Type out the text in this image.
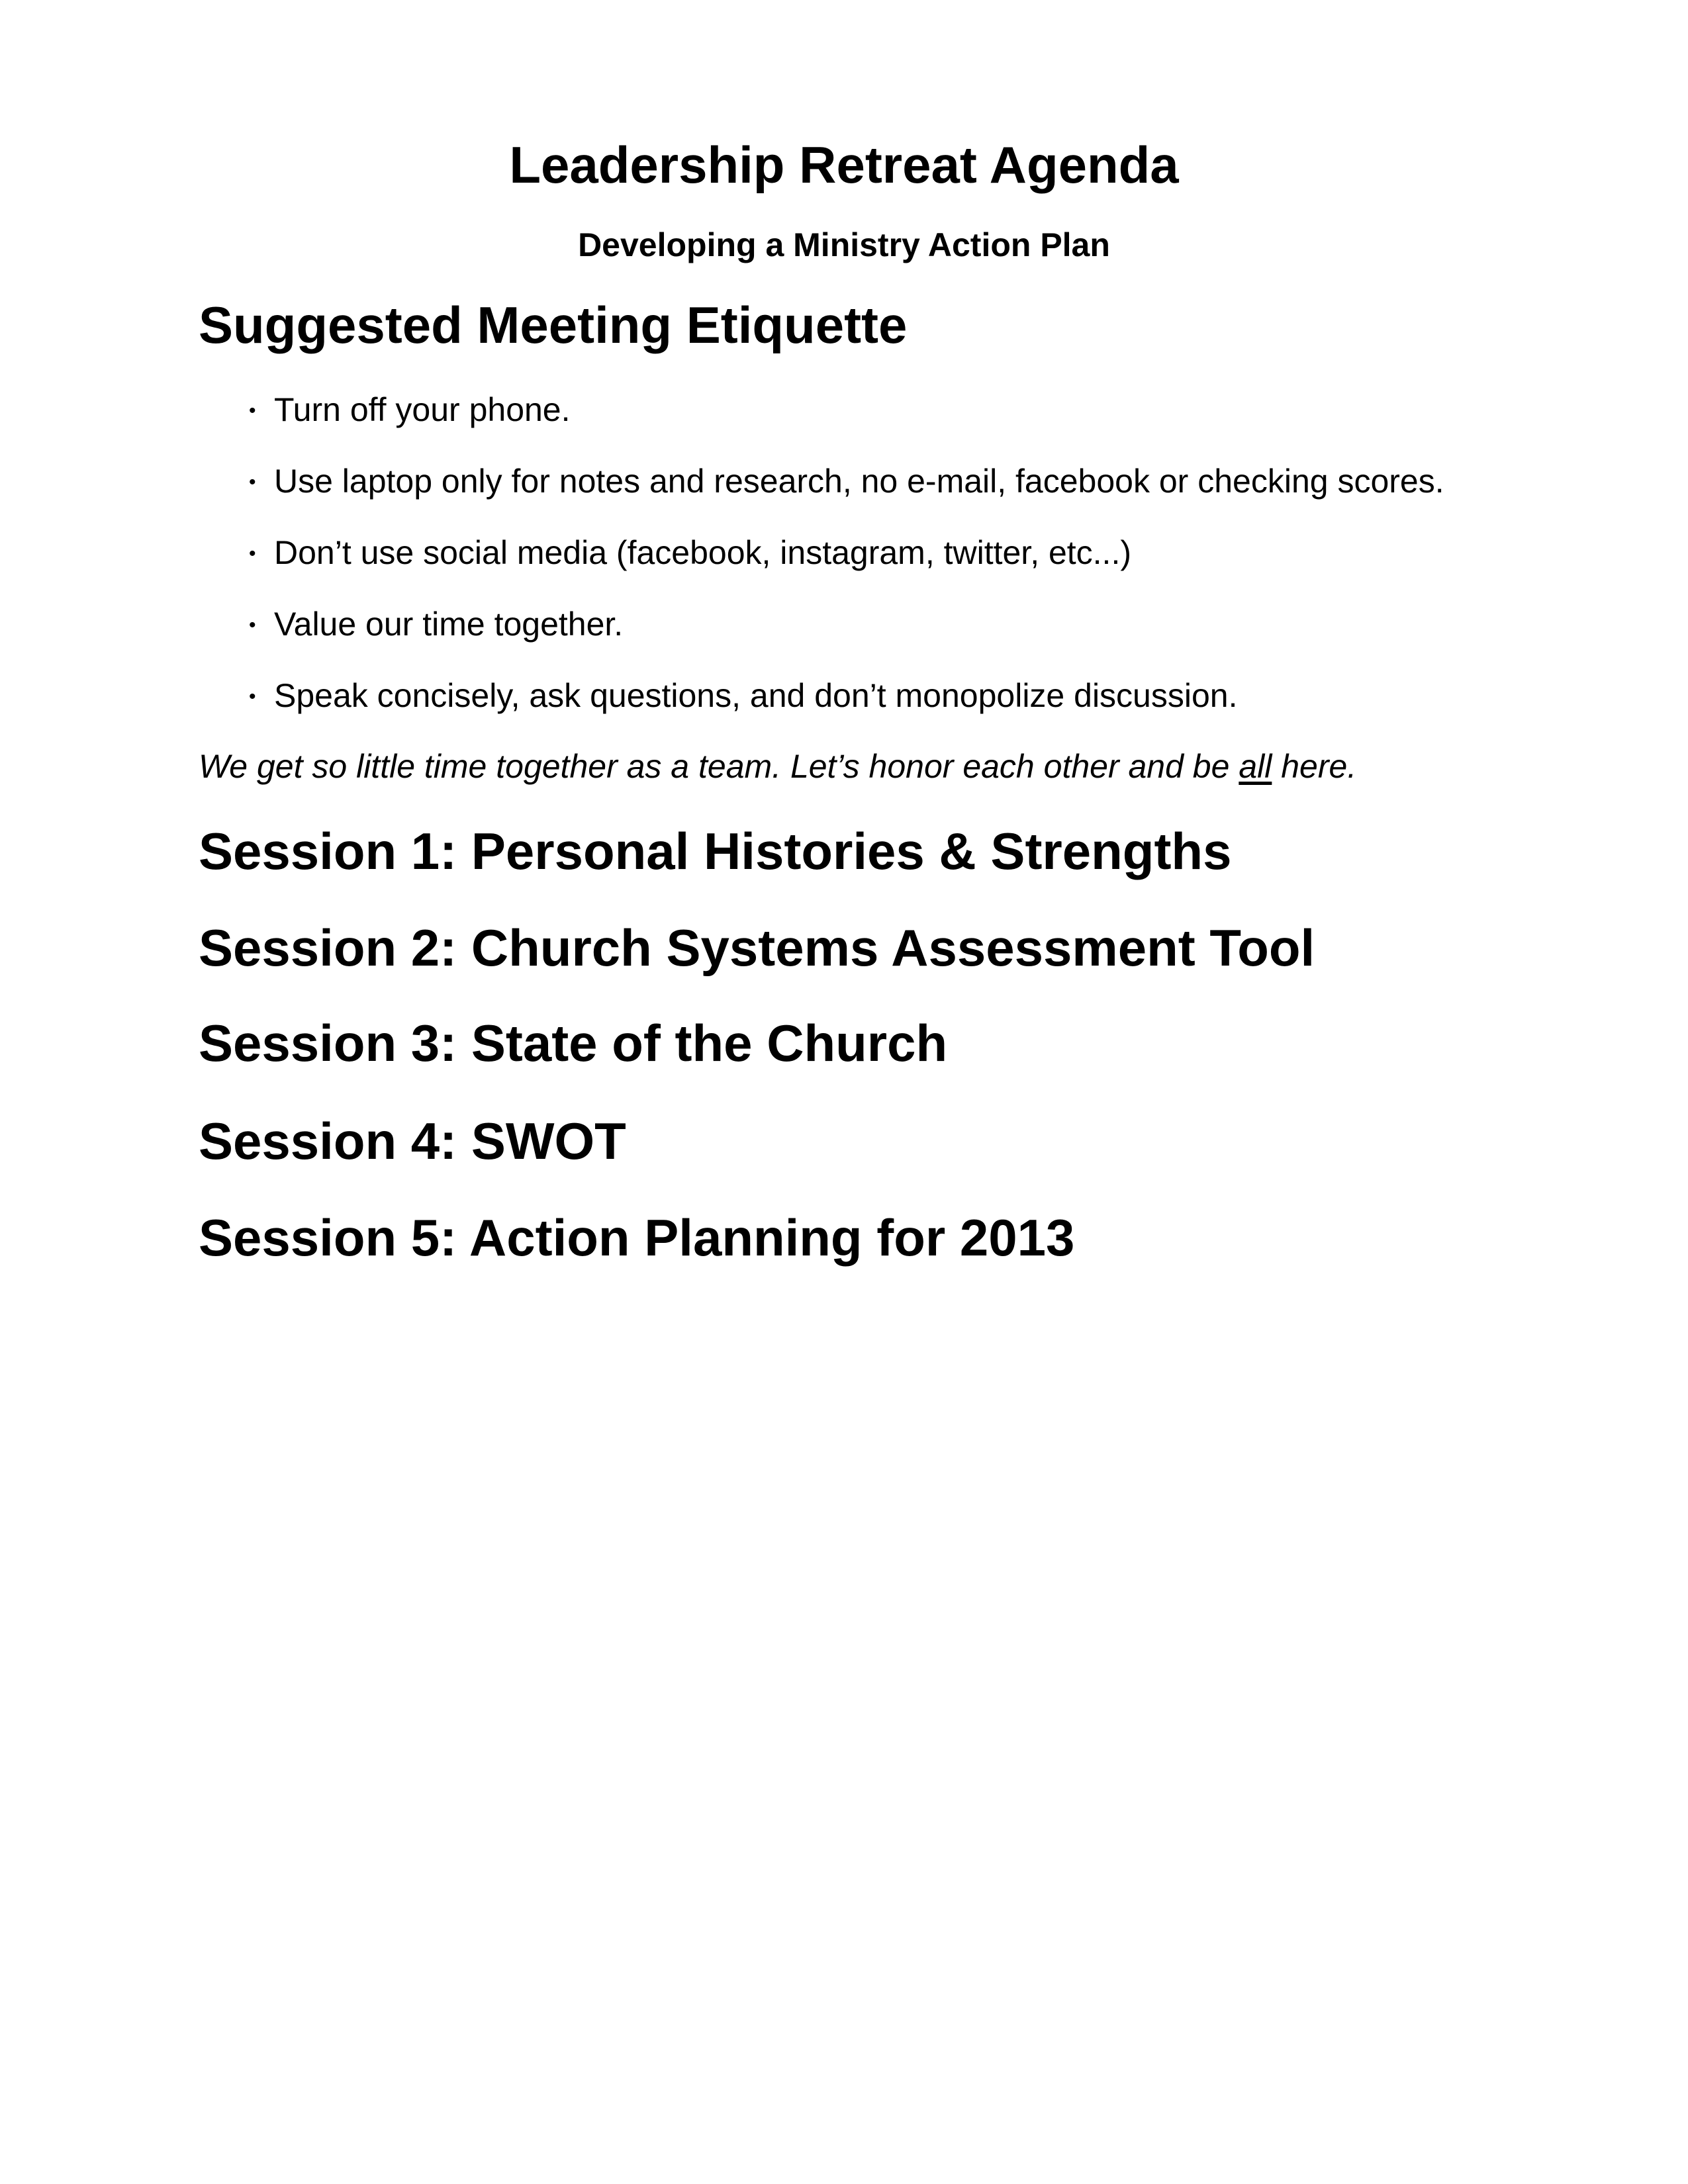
Leadership Retreat Agenda
Developing a Ministry Action Plan
Suggested Meeting Etiquette
• Turn off your phone.
• Use laptop only for notes and research, no e-mail, facebook or checking scores.
• Don’t use social media (facebook, instagram, twitter, etc...)
• Value our time together.
• Speak concisely, ask questions, and don’t monopolize discussion.

We get so little time together as a team. Let’s honor each other and be all here.

Session 1: Personal Histories & Strengths
Session 2: Church Systems Assessment Tool
Session 3: State of the Church
Session 4: SWOT
Session 5: Action Planning for 2013
